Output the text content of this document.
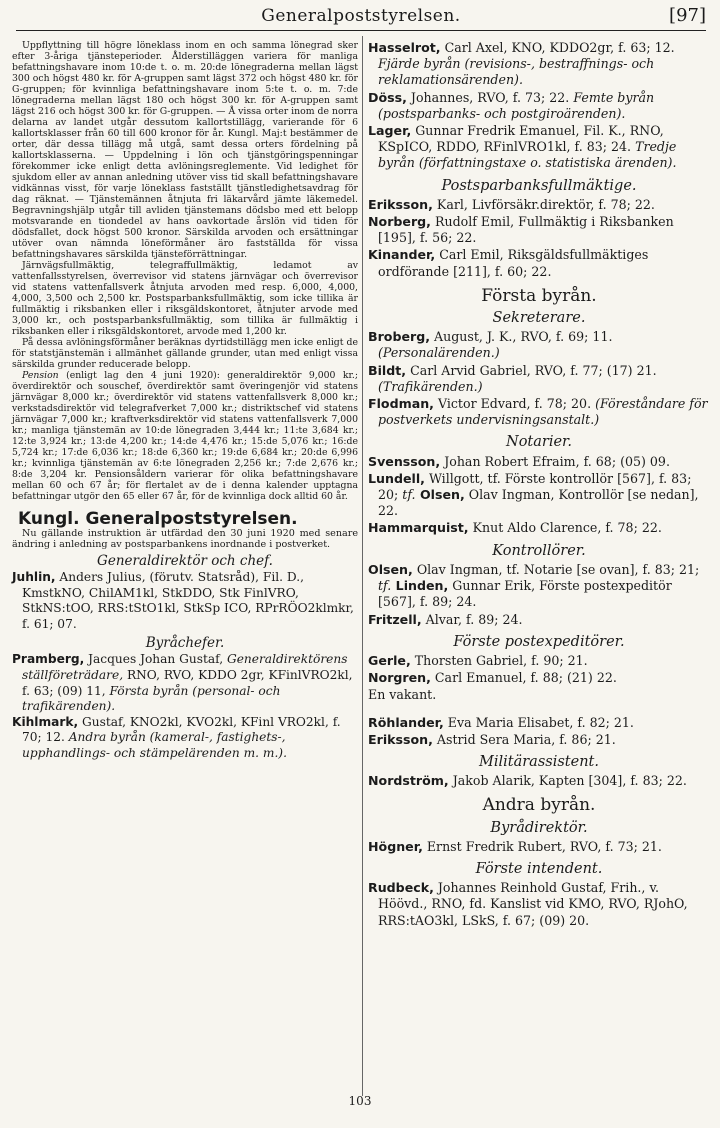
Generalpoststyrelsen.	[97]

Uppflyttning till högre löneklass inom en och samma lönegrad sker efter 3-åriga tjänsteperioder. Ålderstilläggen variera för manliga befattningshavare inom 10:de t. o. m. 20:de lönegraderna mellan lägst 300 och högst 480 kr. för A-gruppen samt lägst 372 och högst 480 kr. för G-gruppen; för kvinnliga befattningshavare inom 5:te t. o. m. 7:de lönegraderna mellan lägst 180 och högst 300 kr. för A-gruppen samt lägst 216 och högst 300 kr. för G-gruppen. — Å vissa orter inom de norra delarna av landet utgår dessutom kallortstillägg, varierande för 6 kallortsklasser från 60 till 600 kronor för år. Kungl. Maj:t bestämmer de orter, där dessa tillägg må utgå, samt dessa orters fördelning på kallortsklasserna. — Uppdelning i lön och tjänstgöringspenningar förekommer icke enligt detta avlöningsreglemente. Vid ledighet för sjukdom eller av annan anledning utöver viss tid skall befattningshavare vidkännas visst, för varje löneklass fastställt tjänstledighetsavdrag för dag räknat. — Tjänstemännen åtnjuta fri läkarvård jämte läkemedel. Begravningshjälp utgår till avliden tjänstemans dödsbo med ett belopp motsvarande en tiondedel av hans oavkortade årslön vid tiden för dödsfallet, dock högst 500 kronor. Särskilda arvoden och ersättningar utöver ovan nämnda löneförmåner äro fastställda för vissa befattningshavares särskilda tjänsteförrättningar.

Järnvägsfullmäktig, telegraffullmäktig, ledamot av vattenfallsstyrelsen, överrevisor vid statens järnvägar och överrevisor vid statens vattenfallsverk åtnjuta arvoden med resp. 6,000, 4,000, 4,000, 3,500 och 2,500 kr. Postsparbanksfullmäktig, som icke tillika är fullmäktig i riksbanken eller i riksgäldskontoret, åtnjuter arvode med 3,000 kr., och postsparbanksfullmäktig, som tillika är fullmäktig i riksbanken eller i riksgäldskontoret, arvode med 1,200 kr.

På dessa avlöningsförmåner beräknas dyrtidstillägg men icke enligt de för statstjänstemän i allmänhet gällande grunder, utan med enligt vissa särskilda grunder reducerade belopp.

Pension (enligt lag den 4 juni 1920): generaldirektör 9,000 kr.; överdirektör och souschef, överdirektör samt överingenjör vid statens järnvägar 8,000 kr.; överdirektör vid statens vattenfallsverk 8,000 kr.; verkstadsdirektör vid telegrafverket 7,000 kr.; distriktschef vid statens järnvägar 7,000 kr.; kraftverksdirektör vid statens vattenfallsverk 7,000 kr.; manliga tjänstemän av 10:de lönegraden 3,444 kr.; 11:te 3,684 kr.; 12:te 3,924 kr.; 13:de 4,200 kr.; 14:de 4,476 kr.; 15:de 5,076 kr.; 16:de 5,724 kr.; 17:de 6,036 kr.; 18:de 6,360 kr.; 19:de 6,684 kr.; 20:de 6,996 kr.; kvinnliga tjänstemän av 6:te lönegraden 2,256 kr.; 7:de 2,676 kr.; 8:de 3,204 kr. Pensionsåldern varierar för olika befattningshavare mellan 60 och 67 år; för flertalet av de i denna kalender upptagna befattningar utgör den 65 eller 67 år, för de kvinnliga dock alltid 60 år.

Kungl. Generalpoststyrelsen.

Nu gällande instruktion är utfärdad den 30 juni 1920 med senare ändring i anledning av postsparbankens inordnande i postverket.

Generaldirektör och chef.
Juhlin, Anders Julius, (förutv. Statsråd), Fil. D., KmstkNO, ChilAM1kl, StkDDO, Stk FinlVRO, StkNS:tOO, RRS:tStO1kl, StkSp ICO, RPrRÖO2klmkr, f. 61; 07.
Byråchefer.
Pramberg, Jacques Johan Gustaf, Generaldirektörens ställföreträdare, RNO, RVO, KDDO 2gr, KFinlVRO2kl, f. 63; (09) 11, Första byrån (personal- och trafikärenden).
Kihlmark, Gustaf, KNO2kl, KVO2kl, KFinl VRO2kl, f. 70; 12. Andra byrån (kameral-, fastighets-, upphandlings- och stämpelärenden m. m.).
Hasselrot, Carl Axel, KNO, KDDO2gr, f. 63; 12. Fjärde byrån (revisions-, bestraffnings- och reklamationsärenden).
Döss, Johannes, RVO, f. 73; 22. Femte byrån (postsparbanks- och postgiroärenden).
Lager, Gunnar Fredrik Emanuel, Fil. K., RNO, KSpICO, RDDO, RFinlVRO1kl, f. 83; 24. Tredje byrån (författningstaxe o. statistiska ärenden).
Postsparbanksfullmäktige.
Eriksson, Karl, Livförsäkr.direktör, f. 78; 22.
Norberg, Rudolf Emil, Fullmäktig i Riksbanken [195], f. 56; 22.
Kinander, Carl Emil, Riksgäldsfullmäktiges ordförande [211], f. 60; 22.
Första byrån.
Sekreterare.
Broberg, August, J. K., RVO, f. 69; 11. (Personalärenden.)
Bildt, Carl Arvid Gabriel, RVO, f. 77; (17) 21. (Trafikärenden.)
Flodman, Victor Edvard, f. 78; 20. (Föreståndare för postverkets undervisningsanstalt.)
Notarier.
Svensson, Johan Robert Efraim, f. 68; (05) 09.
Lundell, Willgott, tf. Förste kontrollör [567], f. 83; 20; tf. Olsen, Olav Ingman, Kontrollör [se nedan], 22.
Hammarquist, Knut Aldo Clarence, f. 78; 22.
Kontrollörer.
Olsen, Olav Ingman, tf. Notarie [se ovan], f. 83; 21; tf. Linden, Gunnar Erik, Förste postexpeditör [567], f. 89; 24.
Fritzell, Alvar, f. 89; 24.
Förste postexpeditörer.
Gerle, Thorsten Gabriel, f. 90; 21.
Norgren, Carl Emanuel, f. 88; (21) 22.
En vakant.
Röhlander, Eva Maria Elisabet, f. 82; 21.
Eriksson, Astrid Sera Maria, f. 86; 21.
Militärassistent.
Nordström, Jakob Alarik, Kapten [304], f. 83; 22.
Andra byrån.
Byrådirektör.
Högner, Ernst Fredrik Rubert, RVO, f. 73; 21.
Förste intendent.
Rudbeck, Johannes Reinhold Gustaf, Frih., v. Höövd., RNO, fd. Kanslist vid KMO, RVO, RJohO, RRS:tAO3kl, LSkS, f. 67; (09) 20.
103
